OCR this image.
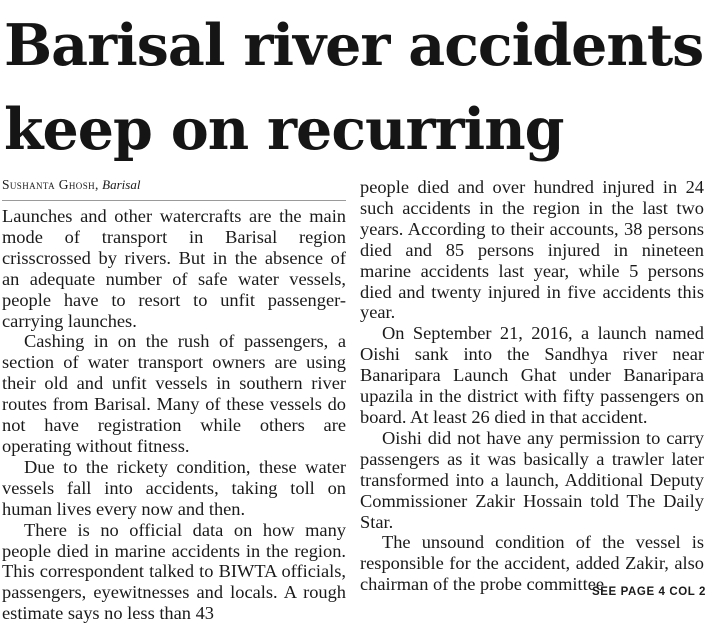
Barisal river accidents
keep on recurring
Sushanta Ghosh, Barisal

Launches and other watercrafts are the main mode of transport in Barisal region crisscrossed by rivers. But in the absence of an adequate number of safe water vessels, people have to resort to unfit passenger-carrying launches.

Cashing in on the rush of passengers, a section of water transport owners are using their old and unfit vessels in southern river routes from Barisal. Many of these vessels do not have registration while others are operating without fitness.

Due to the rickety condition, these water vessels fall into accidents, taking toll on human lives every now and then.

There is no official data on how many people died in marine accidents in the region. This correspondent talked to BIWTA officials, passengers, eyewitnesses and locals. A rough estimate says no less than 43

people died and over hundred injured in 24 such accidents in the region in the last two years. According to their accounts, 38 persons died and 85 persons injured in nineteen marine accidents last year, while 5 persons died and twenty injured in five accidents this year.

On September 21, 2016, a launch named Oishi sank into the Sandhya river near Banaripara Launch Ghat under Banaripara upazila in the district with fifty passengers on board. At least 26 died in that accident.

Oishi did not have any permission to carry passengers as it was basically a trawler later transformed into a launch, Additional Deputy Commissioner Zakir Hossain told The Daily Star.

The unsound condition of the vessel is responsible for the accident, added Zakir, also chairman of the probe committee

SEE PAGE 4 COL 2
